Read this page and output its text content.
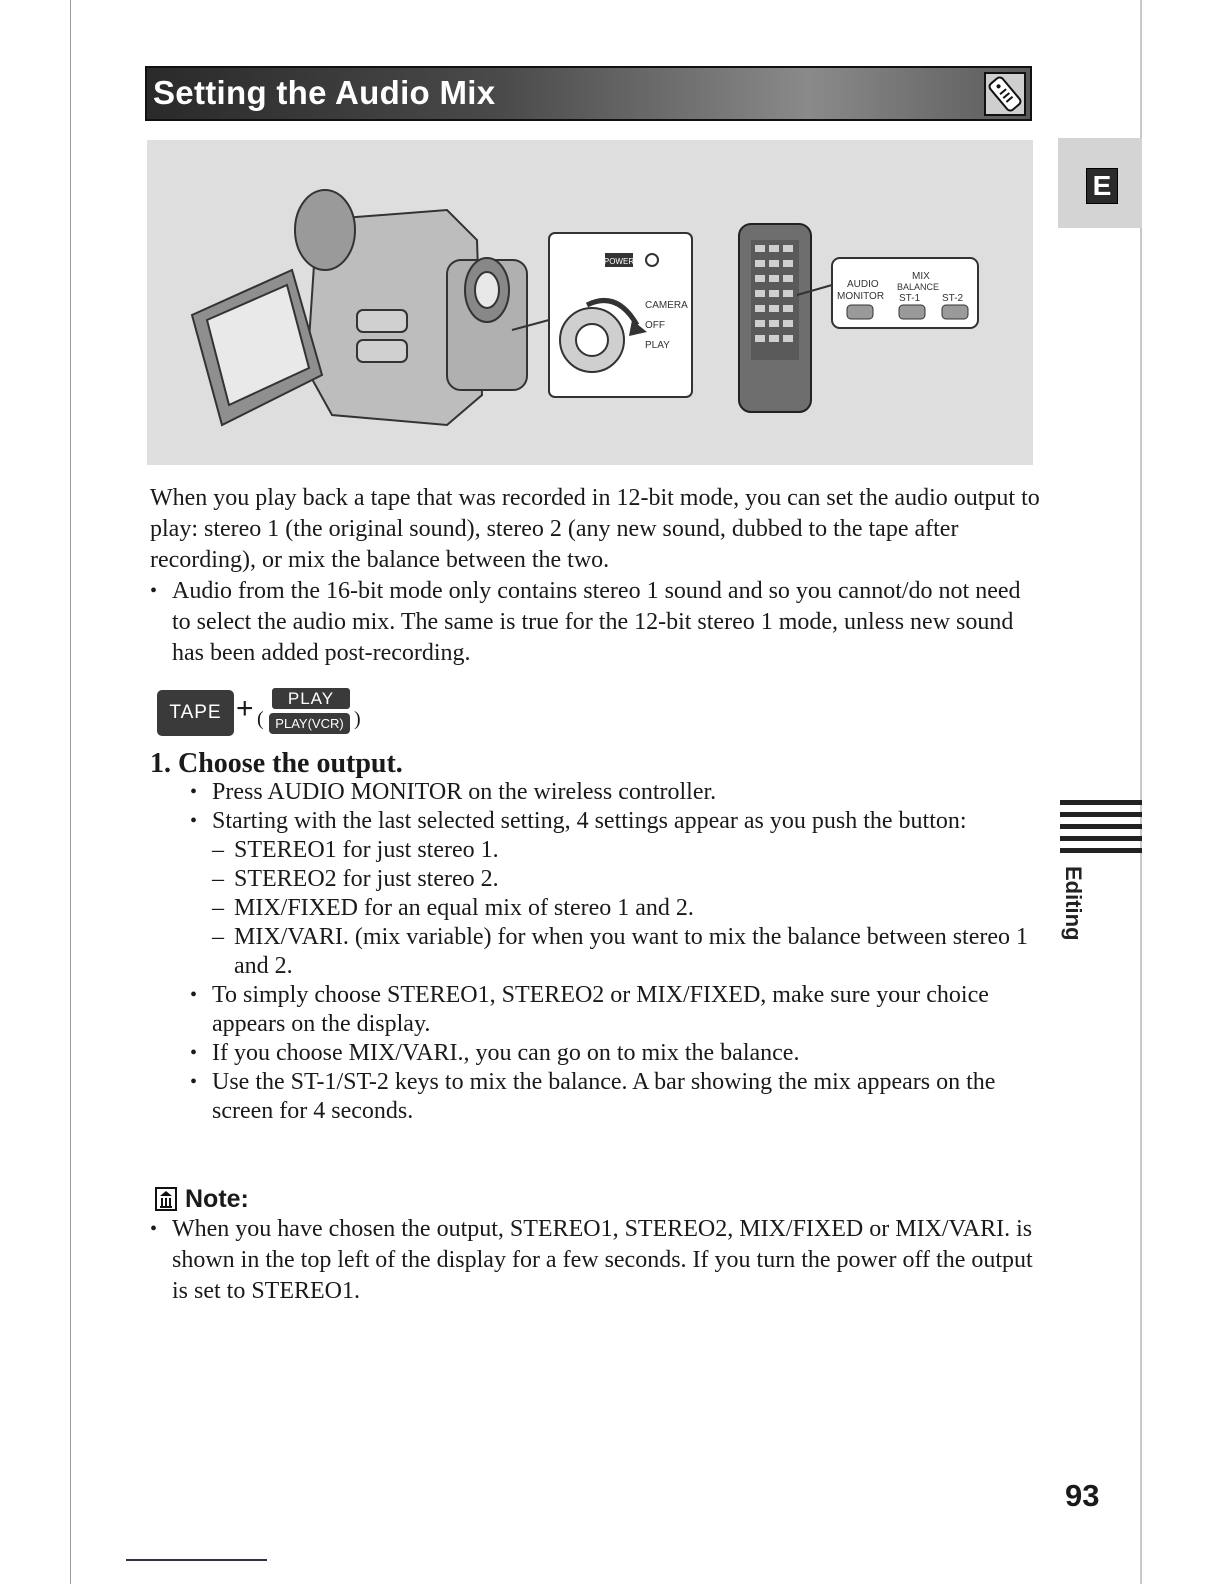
Setting the Audio Mix
E
POWER
CAMERA
OFF
PLAY
AUDIO
MONITOR
MIX
BALANCE
ST-1 ST-2
When you play back a tape that was recorded in 12-bit mode, you can set the audio output to play: stereo 1 (the original sound), stereo 2 (any new sound, dubbed to the tape after recording), or mix the balance between the two.
• Audio from the 16-bit mode only contains stereo 1 sound and so you cannot/do not need to select the audio mix. The same is true for the 12-bit stereo 1 mode, unless new sound has been added post-recording.
TAPE + (
PLAY
PLAY(VCR) )
1. Choose the output.
• Press AUDIO MONITOR on the wireless controller.
• Starting with the last selected setting, 4 settings appear as you push the button:
– STEREO1 for just stereo 1.
– STEREO2 for just stereo 2.
– MIX/FIXED for an equal mix of stereo 1 and 2.
– MIX/VARI. (mix variable) for when you want to mix the balance between stereo 1 and 2.
• To simply choose STEREO1, STEREO2 or MIX/FIXED, make sure your choice appears on the display.
• If you choose MIX/VARI., you can go on to mix the balance.
• Use the ST-1/ST-2 keys to mix the balance. A bar showing the mix appears on the screen for 4 seconds.
Note:
• When you have chosen the output, STEREO1, STEREO2, MIX/FIXED or MIX/VARI. is shown in the top left of the display for a few seconds. If you turn the power off the output is set to STEREO1.
Editing
93
